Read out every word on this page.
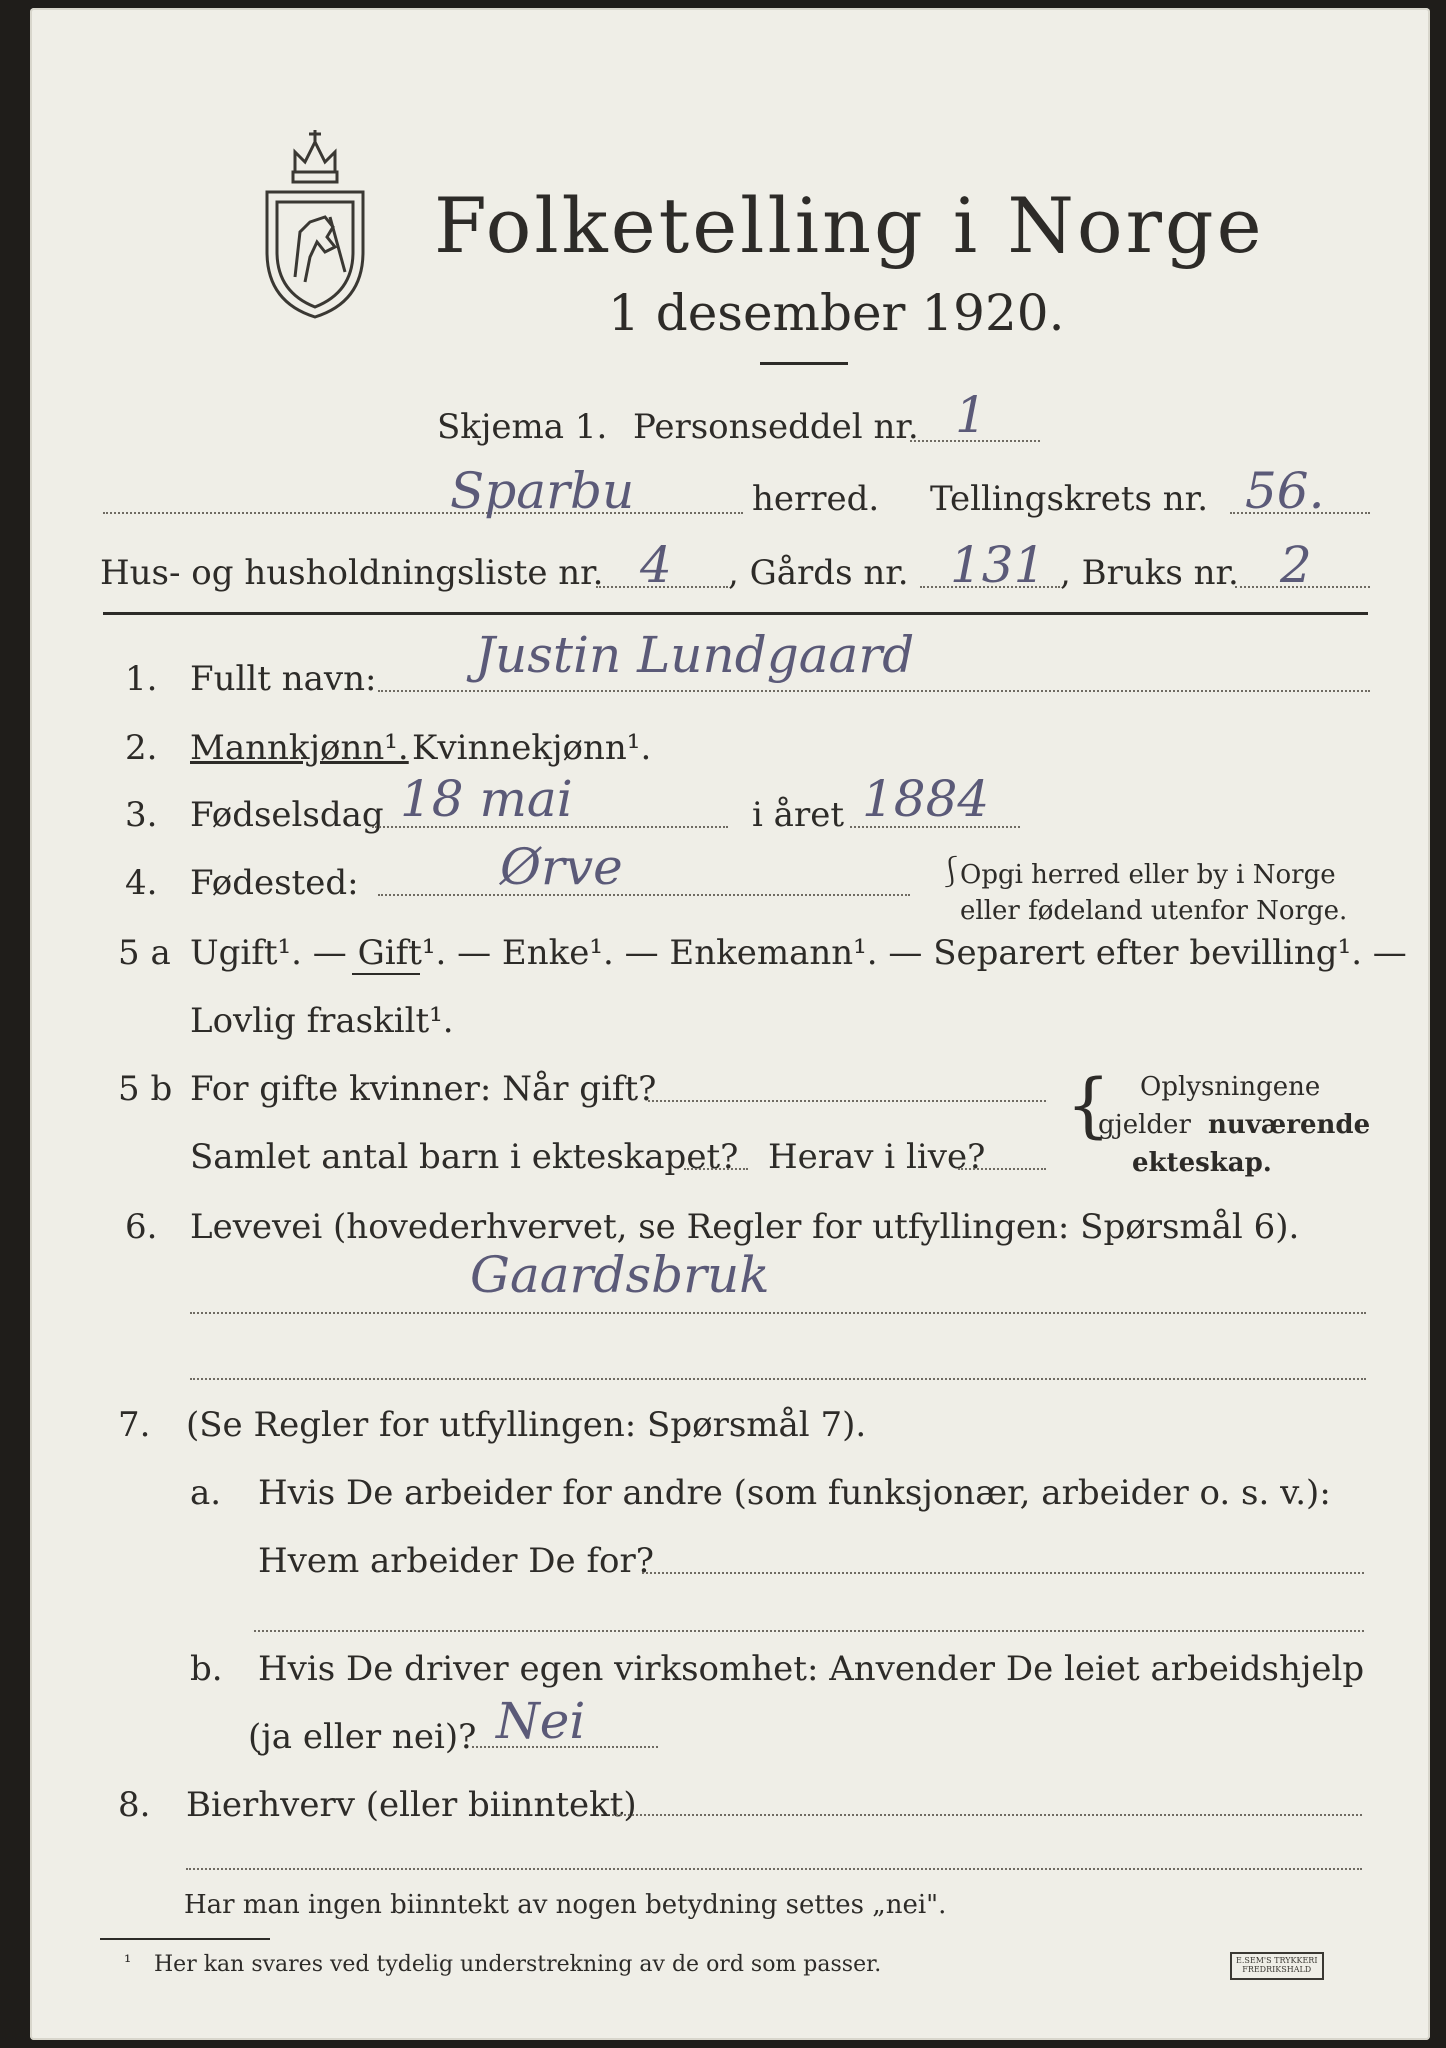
Folketelling i Norge
1 desember 1920.
Skjema 1. Personseddel nr. 1
Sparbu	herred. Tellingskrets nr. 56.
Hus- og husholdningsliste nr. 4 , Gårds nr. 131 , Bruks nr. 2
1. Fullt navn: Justin Lundgaard
2. Mannkjønn¹. Kvinnekjønn¹.
3. Fødselsdag 18 mai	i året 1884
4. Fødested:	Ørve	⎰
Opgi herred eller by i Norge
eller fødeland utenfor Norge.
5 a Ugift¹. — Gift¹. — Enke¹. — Enkemann¹. — Separert efter bevilling¹. —
Lovlig fraskilt¹.
5 b For gifte kvinner: Når gift?
Samlet antal barn i ekteskapet? Herav i live?
{ Oplysningene
gjelder nuværende
ekteskap.
6. Levevei (hovederhvervet, se Regler for utfyllingen: Spørsmål 6).
Gaardsbruk
7. (Se Regler for utfyllingen: Spørsmål 7).
a. Hvis De arbeider for andre (som funksjonær, arbeider o. s. v.):
Hvem arbeider De for?
b. Hvis De driver egen virksomhet: Anvender De leiet arbeidshjelp
(ja eller nei)? Nei
8. Bierhverv (eller biinntekt)
Har man ingen biinntekt av nogen betydning settes „nei".
¹ Her kan svares ved tydelig understrekning av de ord som passer.	E.SEM'S TRYKKERI
FREDRIKSHALD
